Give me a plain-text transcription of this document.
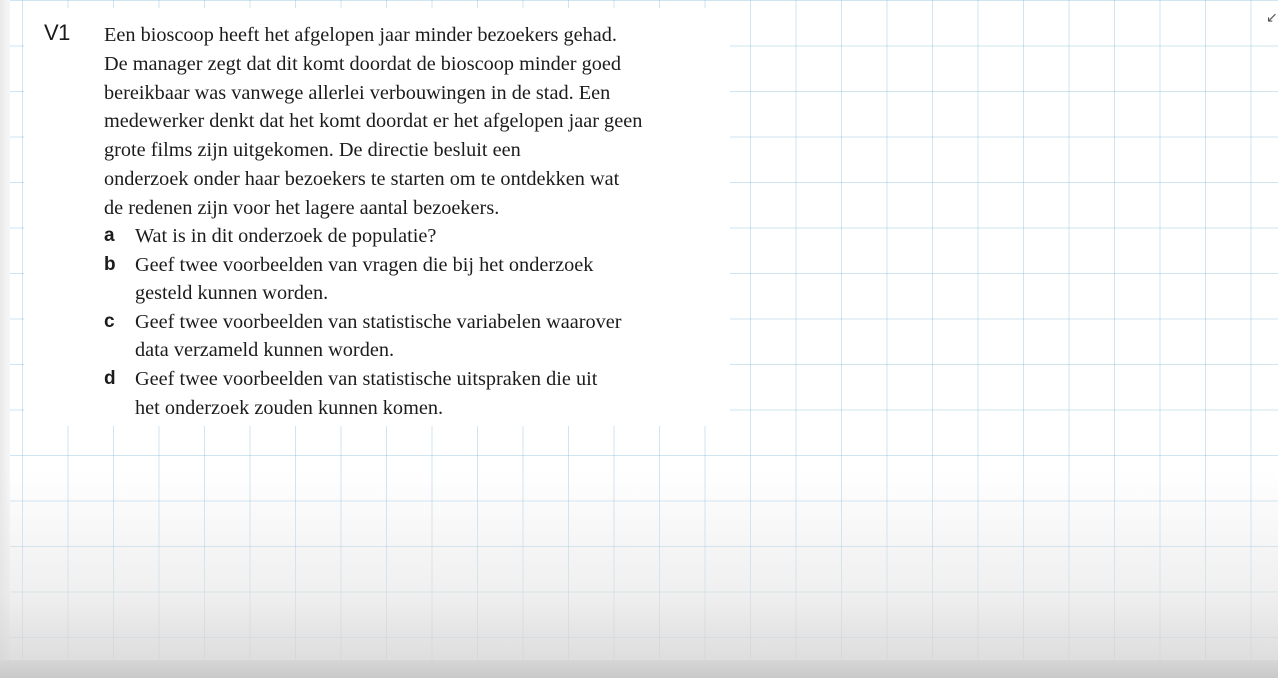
V1 Een bioscoop heeft het afgelopen jaar minder bezoekers gehad.
De manager zegt dat dit komt doordat de bioscoop minder goed
bereikbaar was vanwege allerlei verbouwingen in de stad. Een
medewerker denkt dat het komt doordat er het afgelopen jaar geen
grote films zijn uitgekomen. De directie besluit een
onderzoek onder haar bezoekers te starten om te ontdekken wat
de redenen zijn voor het lagere aantal bezoekers.
a Wat is in dit onderzoek de populatie?
b Geef twee voorbeelden van vragen die bij het onderzoek
gesteld kunnen worden.
c Geef twee voorbeelden van statistische variabelen waarover
data verzameld kunnen worden.
d Geef twee voorbeelden van statistische uitspraken die uit
het onderzoek zouden kunnen komen.
↙
